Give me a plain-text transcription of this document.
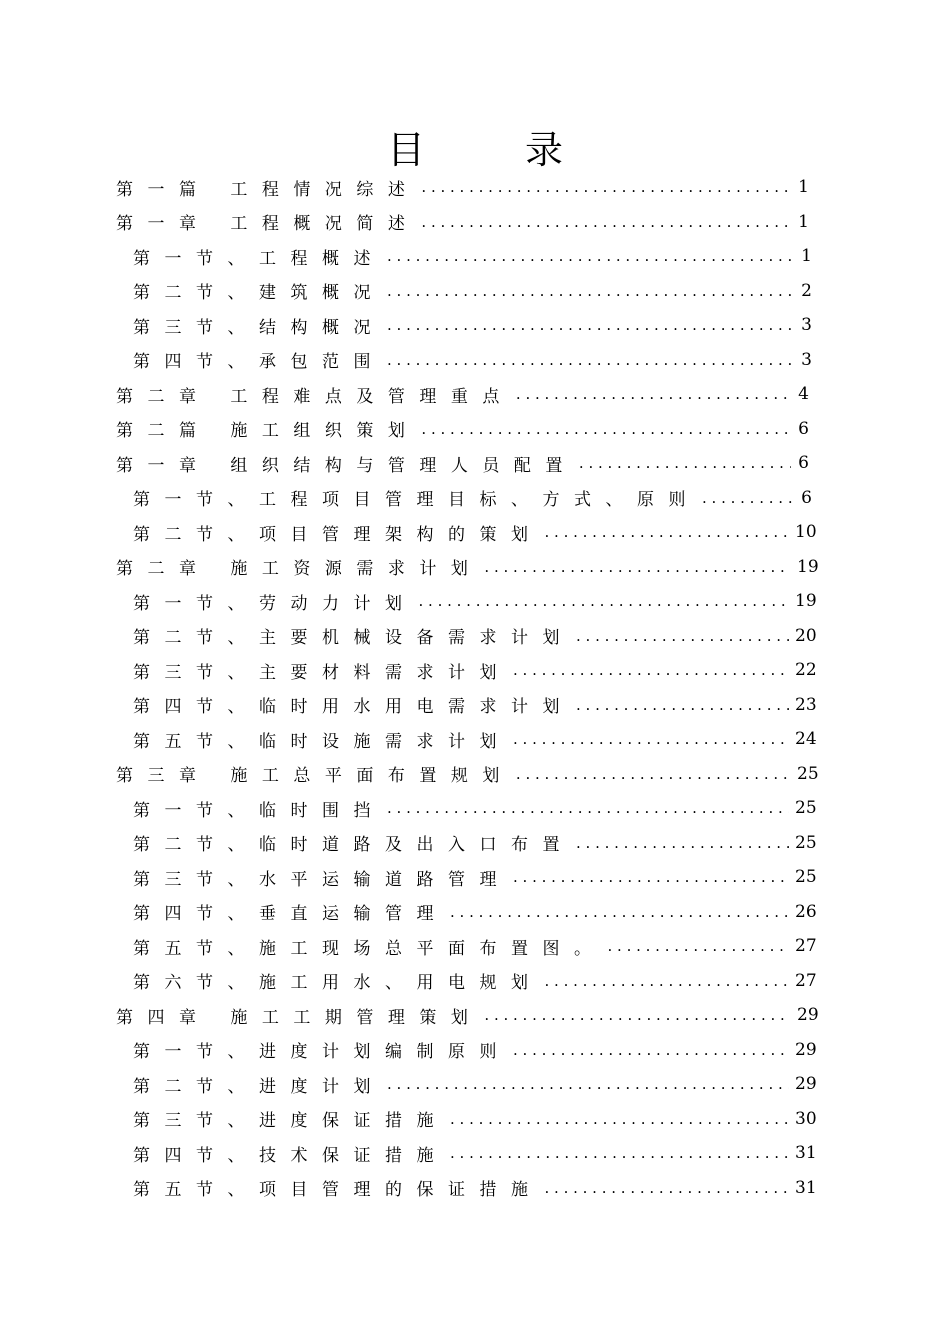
目 录
第一篇 工程情况综述 . . .	1
第一章 工程概况简述 . . .	1
第一节、工程概述 . . .	1
第二节、建筑概况 . . .	2
第三节、结构概况 . . .	3
第四节、承包范围 . . .	3
第二章 工程难点及管理重点 . . .	4
第二篇 施工组织策划 . . .	6
第一章 组织结构与管理人员配置 . . .	6
第一节、工程项目管理目标、方式、原则 . . .	6
第二节、项目管理架构的策划 . . .	10
第二章 施工资源需求计划 . . .	19
第一节、劳动力计划 . . .	19
第二节、主要机械设备需求计划 . . .	20
第三节、主要材料需求计划 . . .	22
第四节、临时用水用电需求计划 . . .	23
第五节、临时设施需求计划 . . .	24
第三章 施工总平面布置规划 . . .	25
第一节、临时围挡 . . .	25
第二节、临时道路及出入口布置 . . .	25
第三节、水平运输道路管理 . . .	25
第四节、垂直运输管理 . . .	26
第五节、施工现场总平面布置图。 . . .	27
第六节、施工用水、用电规划 . . .	27
第四章 施工工期管理策划 . . .	29
第一节、进度计划编制原则 . . .	29
第二节、进度计划 . . .	29
第三节、进度保证措施 . . .	30
第四节、技术保证措施 . . .	31
第五节、项目管理的保证措施 . . .	31
